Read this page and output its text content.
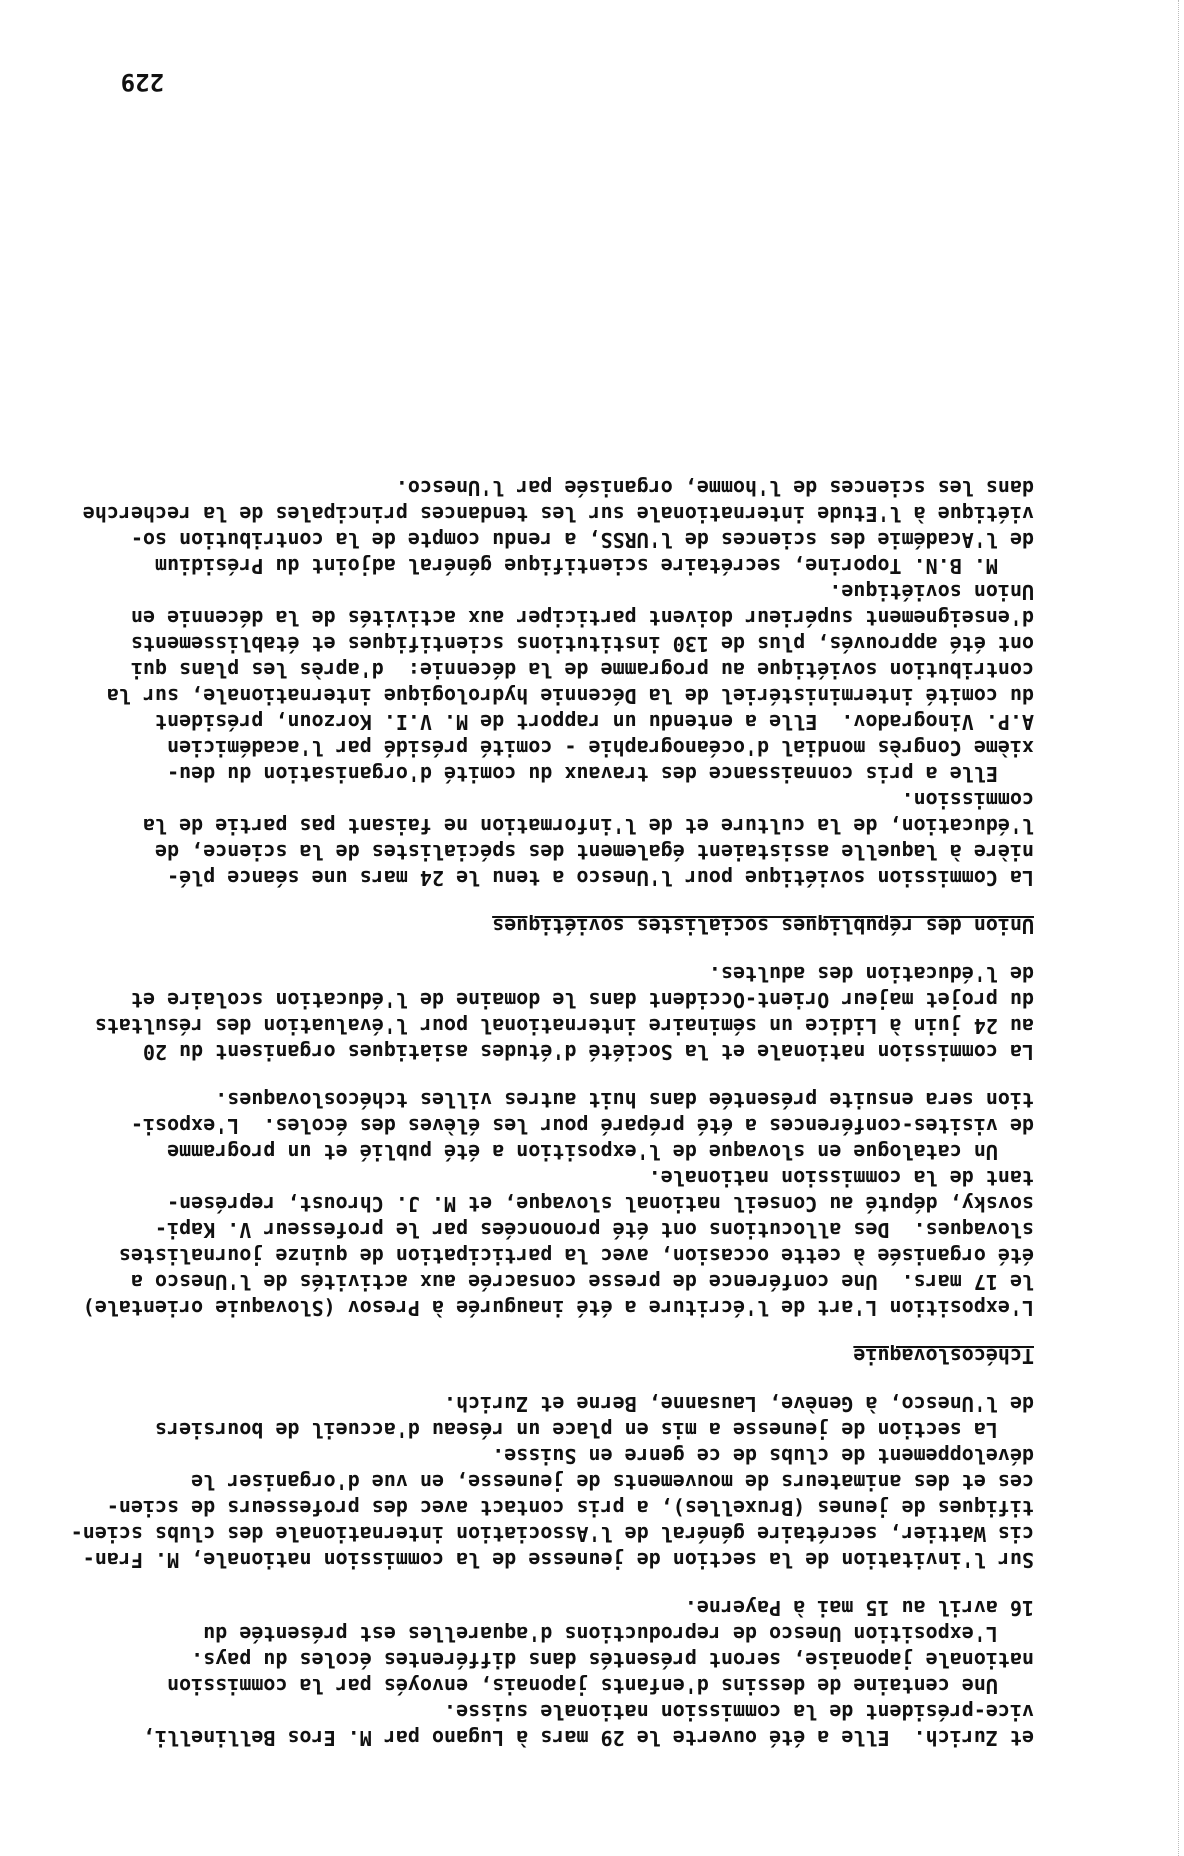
et Zurich.  Elle a été ouverte le 29 mars à Lugano par M. Eros Bellinelli,
vice-président de la commission nationale suisse.
Une centaine de dessins d'enfants japonais, envoyés par la commission
nationale japonaise, seront présentés dans différentes écoles du pays.
L'exposition Unesco de reproductions d'aquarelles est présentée du
16 avril au 15 mai à Payerne.
Sur l'invitation de la section de jeunesse de la commission nationale, M. Fran-
cis Wattier, secrétaire général de l'Association internationale des clubs scien-
tifiques de jeunes (Bruxelles), a pris contact avec des professeurs de scien-
ces et des animateurs de mouvements de jeunesse, en vue d'organiser le
développement de clubs de ce genre en Suisse.
La section de jeunesse a mis en place un réseau d'accueil de boursiers
de l'Unesco, à Genève, Lausanne, Berne et Zurich.
Tchécoslovaquie
L'exposition L'art de l'écriture a été inaugurée à Presov (Slovaquie orientale)
le 17 mars.  Une conférence de presse consacrée aux activités de l'Unesco a
été organisée à cette occasion, avec la participation de quinze journalistes
slovaques.  Des allocutions ont été prononcées par le professeur V. Kapi-
sovsky, député au Conseil national slovaque, et M. J. Chroust, représen-
tant de la commission nationale.
Un catalogue en slovaque de l'exposition a été publié et un programme
de visites-conférences a été préparé pour les élèves des écoles.  L'exposi-
tion sera ensuite présentée dans huit autres villes tchécoslovaques.
La commission nationale et la Société d'études asiatiques organisent du 20
au 24 juin à Lidice un séminaire international pour l'évaluation des résultats
du projet majeur Orient-Occident dans le domaine de l'éducation scolaire et
de l'éducation des adultes.
Union des républiques socialistes soviétiques
La Commission soviétique pour l'Unesco a tenu le 24 mars une séance plé-
nière à laquelle assistaient également des spécialistes de la science, de
l'éducation, de la culture et de l'information ne faisant pas partie de la
commission.
Elle a pris connaissance des travaux du comité d'organisation du deu-
xième Congrès mondial d'océanographie - comité présidé par l'académicien
A.P. Vinogradov.  Elle a entendu un rapport de M. V.I. Korzoun, président
du comité interministériel de la Décennie hydrologique internationale, sur la
contribution soviétique au programme de la décennie:  d'après les plans qui
ont été approuvés, plus de 130 institutions scientifiques et établissements
d'enseignement supérieur doivent participer aux activités de la décennie en
Union soviétique.
M. B.N. Toporine, secrétaire scientifique général adjoint du Présidium
de l'Académie des sciences de l'URSS, a rendu compte de la contribution so-
viétique à l'Etude internationale sur les tendances principales de la recherche
dans les sciences de l'homme, organisée par l'Unesco.
229
